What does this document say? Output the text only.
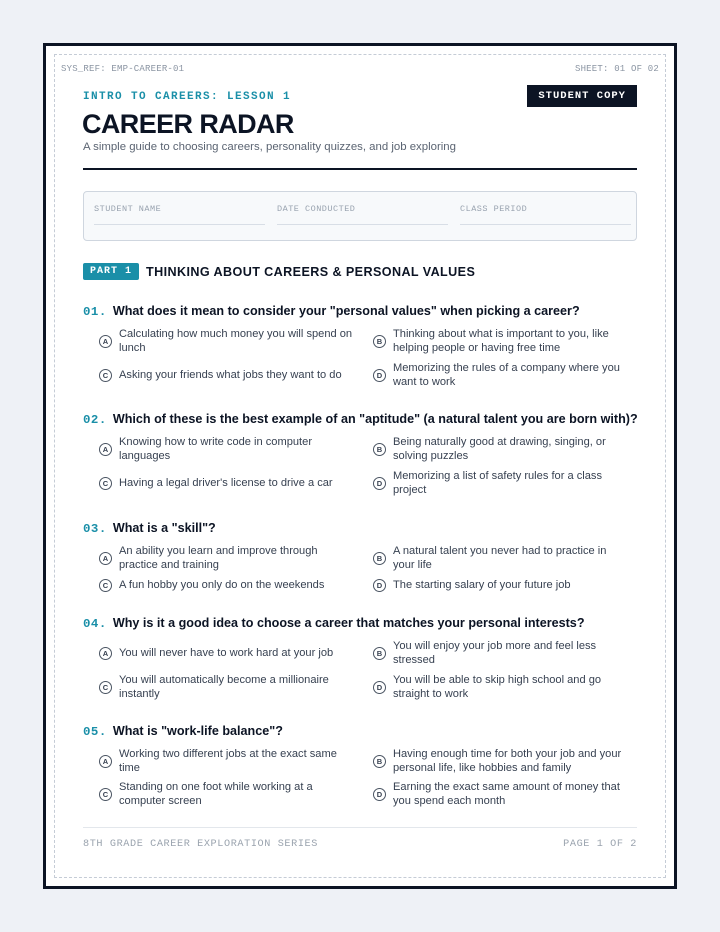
SYS_REF: EMP-CAREER-01	SHEET: 01 OF 02
INTRO TO CAREERS: LESSON 1	STUDENT COPY
CAREER RADAR
A simple guide to choosing careers, personality quizzes, and job exploring
STUDENT NAME	DATE CONDUCTED	CLASS PERIOD
PART 1	THINKING ABOUT CAREERS & PERSONAL VALUES
01. What does it mean to consider your "personal values" when picking a career?
A
Calculating how much money you will spend on lunch
B
Thinking about what is important to you, like helping people or having free time
C Asking your friends what jobs they want to do	D
Memorizing the rules of a company where you want to work
02. Which of these is the best example of an "aptitude" (a natural talent you are born with)?
A
Knowing how to write code in computer languages
B
Being naturally good at drawing, singing, or solving puzzles
C Having a legal driver's license to drive a car	D
Memorizing a list of safety rules for a class project
03. What is a "skill"?
A
An ability you learn and improve through practice and training
B
A natural talent you never had to practice in your life
C A fun hobby you only do on the weekends	D The starting salary of your future job
04. Why is it a good idea to choose a career that matches your personal interests?
A You will never have to work hard at your job	B
You will enjoy your job more and feel less stressed
C
You will automatically become a millionaire instantly
D
You will be able to skip high school and go straight to work
05. What is "work-life balance"?
A
Working two different jobs at the exact same time
B
Having enough time for both your job and your personal life, like hobbies and family
C
Standing on one foot while working at a computer screen
D
Earning the exact same amount of money that you spend each month
8TH GRADE CAREER EXPLORATION SERIES	PAGE 1 OF 2
